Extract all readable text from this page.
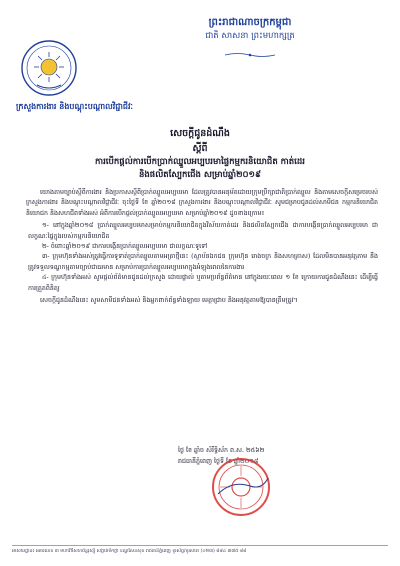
ព្រះរាជាណាចក្រកម្ពុជា
ជាតិ សាសនា ព្រះមហាក្សត្រ
ក្រសួងការងារ និងបណ្តុះបណ្តាលវិជ្ជាជីវៈ
សេចក្តីជូនដំណឹង
ស្តីពី
ការបើកផ្តល់ការបើកប្រាក់ឈ្នួលអប្បបរមាផ្ទៃកម្មករនិយោជិត កាត់ដេរ
និងផលិតស្បែកជើង សម្រាប់ឆ្នាំ២០១៩

យោងតាមច្បាប់ស្តីពីការងារ និងប្រកាសស្តីពីប្រាក់ឈ្នួលអប្បបរមា ដែលត្រូវបានអនុម័តដោយក្រុមប្រឹក្សាជាតិប្រាក់ឈ្នួល និងតាមសេចក្តីសម្រេចរបស់ក្រសួងការងារ និងបណ្តុះបណ្តាលវិជ្ជាជីវៈ ចុះថ្ងៃទី ខែ ឆ្នាំ២០១៨ ក្រសួងការងារ និងបណ្តុះបណ្តាលវិជ្ជាជីវៈ សូមជម្រាបជូនដល់សាមីជន កម្មករនិយោជិត និយោជក និងសហជីពទាំងអស់ អំពីការបើកផ្តល់ប្រាក់ឈ្នួលអប្បបរមា សម្រាប់ឆ្នាំ២០១៩ ដូចខាងក្រោម៖

១- នៅក្នុងឆ្នាំ២០១៨ ប្រាក់ឈ្នួលអប្បបរមាសម្រាប់កម្មករនិយោជិតក្នុងវិស័យកាត់ដេរ និងផលិតស្បែកជើង ជាការបង្កើនប្រាក់ឈ្នួលអប្បបរមា ជាលក្ខណៈផ្ទៃក្នុងរបស់កម្មករនិយោជិត

២- ចំពោះឆ្នាំ២០១៩ ជាការបង្កើនប្រាក់ឈ្នួលអប្បបរមា ជាលក្ខណៈទូទៅ

៣- ក្រុមហ៊ុនទាំងអស់ត្រូវធ្វើការទូទាត់ប្រាក់ឈ្នួលតាមអត្រាថ្មីនេះ (ស្ថាប័នឯកជន ក្រុមហ៊ុន រោងចក្រ និងសហគ្រាស) ដែលមិនបានអនុវត្តតាម នឹងត្រូវទទួលទណ្ឌកម្មតាមច្បាប់ជាធរមាន សម្រាប់ការប្រាក់ឈ្នួលអប្បបរមាក្នុងអំឡុងពេលនៃការងារ

៤- ក្រុមហ៊ុនទាំងអស់ សូមផ្តល់ព័ត៌មានជូនដល់ក្រសួង ដោយផ្ទាល់ ឬតាមប្រព័ន្ធព័ត៌មាន នៅក្នុងរយៈពេល ១ ខែ ក្រោយការជូនដំណឹងនេះ ដើម្បីធ្វើការត្រួតពិនិត្យ

សេចក្តីជូនដំណឹងនេះ សូមសាមីជនទាំងអស់ និងអ្នកពាក់ព័ន្ធទាំងឡាយ មេត្តាជ្រាប និងអនុវត្តតាមឱ្យបានត្រឹមត្រូវ។

ថ្ងៃ ខែ ឆ្នាំច សំរឹទ្ធិស័ក ព.ស. ២៥៦២
រាជធានីភ្នំពេញ ថ្ងៃទី ខែ ឆ្នាំ២០១៨
អាសយដ្ឋាន៖ អគារលេខ ៣ មហាវិថីសហព័ន្ធរុស្ស៊ី សង្កាត់ទឹកថ្លា ខណ្ឌសែនសុខ រាជធានីភ្នំពេញ ទូរស័ព្ទ/ទូរសារ៖ (០២៣) ៨៨៤ ៣៧៥ ៨៨
